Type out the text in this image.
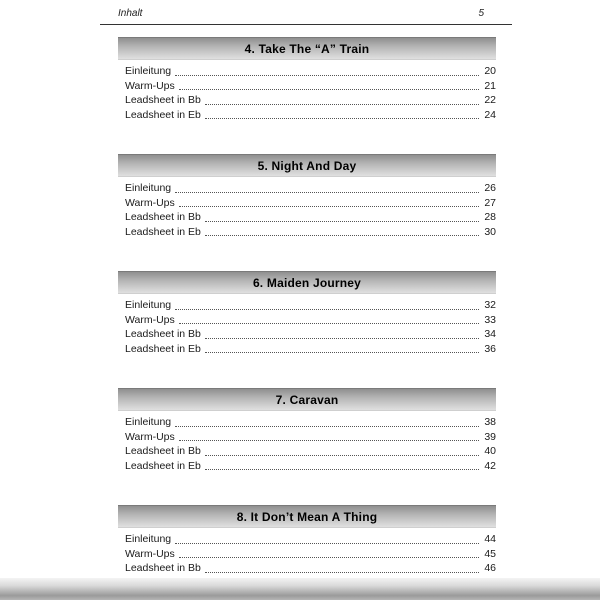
Inhalt	5
4. Take The “A” Train
Einleitung	20
Warm-Ups	21
Leadsheet in Bb	22
Leadsheet in Eb	24
5. Night And Day
Einleitung	26
Warm-Ups	27
Leadsheet in Bb	28
Leadsheet in Eb	30
6. Maiden Journey
Einleitung	32
Warm-Ups	33
Leadsheet in Bb	34
Leadsheet in Eb	36
7. Caravan
Einleitung	38
Warm-Ups	39
Leadsheet in Bb	40
Leadsheet in Eb	42
8. It Don’t Mean A Thing
Einleitung	44
Warm-Ups	45
Leadsheet in Bb	46
